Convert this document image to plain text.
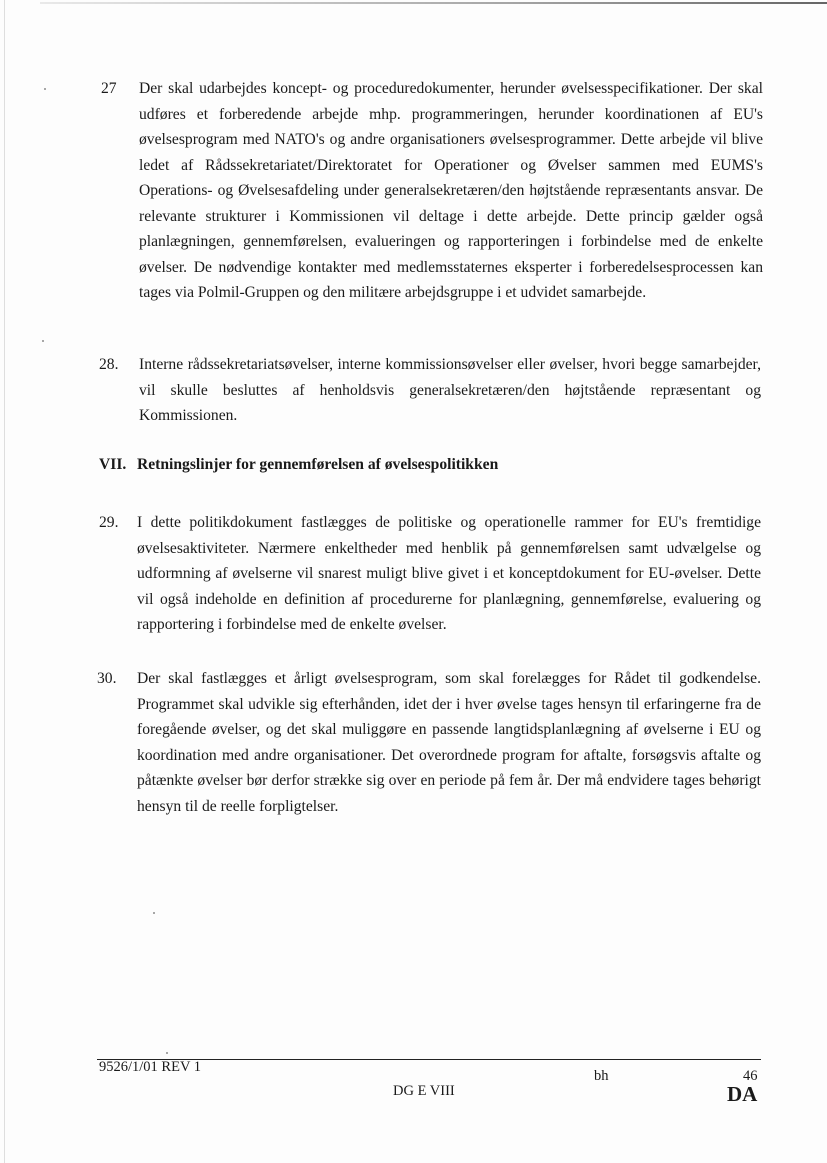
27 Der skal udarbejdes koncept- og proceduredokumenter, herunder øvelsesspecifikationer. Der skal udføres et forberedende arbejde mhp. programmeringen, herunder koordinationen af EU's øvelsesprogram med NATO's og andre organisationers øvelsesprogrammer. Dette arbejde vil blive ledet af Rådssekretariatet/Direktoratet for Operationer og Øvelser sammen med EUMS's Operations- og Øvelsesafdeling under generalsekretæren/den højtstående repræsentants ansvar. De relevante strukturer i Kommissionen vil deltage i dette arbejde. Dette princip gælder også planlægningen, gennemførelsen, evalueringen og rapporteringen i forbindelse med de enkelte øvelser. De nødvendige kontakter med medlemsstaternes eksperter i forberedelsesprocessen kan tages via Polmil-Gruppen og den militære arbejdsgruppe i et udvidet samarbejde.
28. Interne rådssekretariatsøvelser, interne kommissionsøvelser eller øvelser, hvori begge samarbejder, vil skulle besluttes af henholdsvis generalsekretæren/den højtstående repræsentant og Kommissionen.
VII. Retningslinjer for gennemførelsen af øvelsespolitikken
29. I dette politikdokument fastlægges de politiske og operationelle rammer for EU's fremtidige øvelsesaktiviteter. Nærmere enkeltheder med henblik på gennemførelsen samt udvælgelse og udformning af øvelserne vil snarest muligt blive givet i et konceptdokument for EU-øvelser. Dette vil også indeholde en definition af procedurerne for planlægning, gennemførelse, evaluering og rapportering i forbindelse med de enkelte øvelser.
30. Der skal fastlægges et årligt øvelsesprogram, som skal forelægges for Rådet til godkendelse. Programmet skal udvikle sig efterhånden, idet der i hver øvelse tages hensyn til erfaringerne fra de foregående øvelser, og det skal muliggøre en passende langtidsplanlægning af øvelserne i EU og koordination med andre organisationer. Det overordnede program for aftalte, forsøgsvis aftalte og påtænkte øvelser bør derfor strække sig over en periode på fem år. Der må endvidere tages behørigt hensyn til de reelle forpligtelser.
9526/1/01 REV 1
bh	46
DG E VIII	DA
